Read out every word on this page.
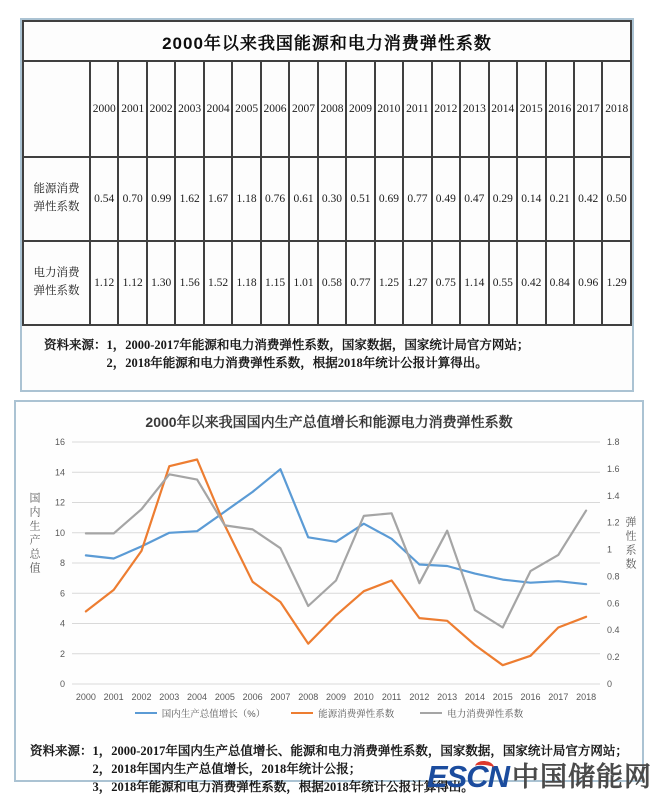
2000年以来我国能源和电力消费弹性系数																			
	2000	2001	2002	2003	2004	2005	2006	2007	2008	2009	2010	2011	2012	2013	2014	2015	2016	2017	2018
能源消费
弹性系数	0.54	0.70	0.99	1.62	1.67	1.18	0.76	0.61	0.30	0.51	0.69	0.77	0.49	0.47	0.29	0.14	0.21	0.42	0.50
电力消费
弹性系数	1.12	1.12	1.30	1.56	1.52	1.18	1.15	1.01	0.58	0.77	1.25	1.27	0.75	1.14	0.55	0.42	0.84	0.96	1.29
资料来源： 1，2000-2017年能源和电力消费弹性系数，国家数据，国家统计局官方网站；
2，2018年能源和电力消费弹性系数，根据2018年统计公报计算得出。
2000年以来我国国内生产总值增长和能源电力消费弹性系数
0
2
4
6
8
10
12
14
16
0
0.2
0.4
0.6
0.8
1
1.2
1.4
1.6
1.8
2000 2001 2002 2003 2004 2005 2006 2007 2008 2009 2010 2011 2012 2013 2014 2015 2016 2017 2018
国内生产总值	弹性系数
国内生产总值增长（%）	能源消费弹性系数	电力消费弹性系数
资料来源： 1，2000-2017年国内生产总值增长、能源和电力消费弹性系数，国家数据，国家统计局官方网站；
2，2018年国内生产总值增长，2018年统计公报；
3，2018年能源和电力消费弹性系数，根据2018年统计公报计算得出。
ESCN 中国储能网
